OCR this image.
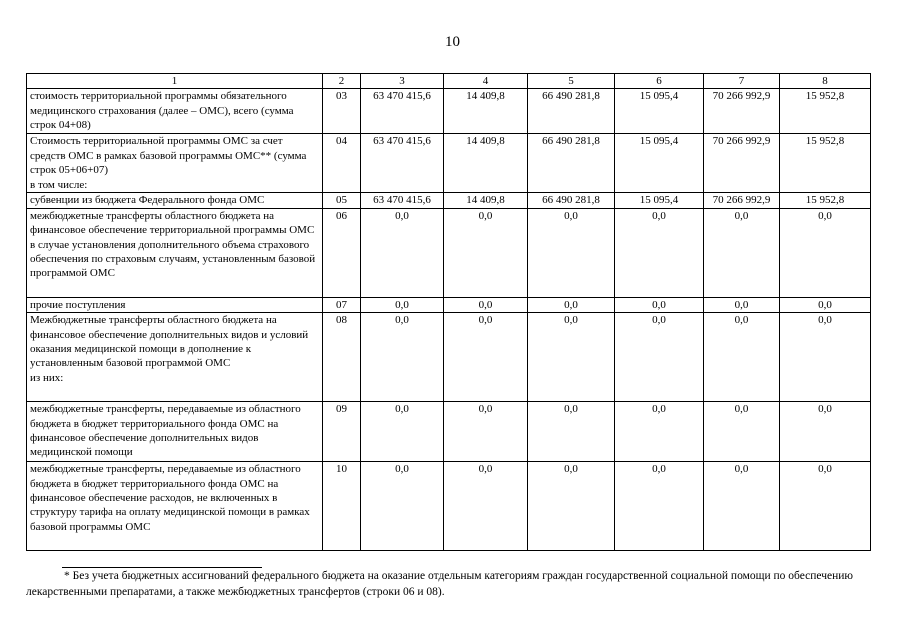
10
1	2	3	4	5	6	7	8
стоимость территориальной программы обязательного медицинского страхования (далее – ОМС), всего (сумма строк 04+08)	03	63 470 415,6	14 409,8	66 490 281,8	15 095,4	70 266 992,9	15 952,8

Стоимость территориальной программы ОМС за счет средств ОМС в рамках базовой программы ОМС** (сумма строк 05+06+07)
в том числе:	04	63 470 415,6	14 409,8	66 490 281,8	15 095,4	70 266 992,9	15 952,8
субвенции из бюджета Федерального фонда ОМС	05	63 470 415,6	14 409,8	66 490 281,8	15 095,4	70 266 992,9	15 952,8
межбюджетные трансферты областного бюджета на финансовое обеспечение территориальной программы ОМС в случае установления дополнительного объема страхового обеспечения по страховым случаям, установленным базовой программой ОМС	06	0,0	0,0	0,0	0,0	0,0	0,0
прочие поступления	07	0,0	0,0	0,0	0,0	0,0	0,0

Межбюджетные трансферты областного бюджета на финансовое обеспечение дополнительных видов и условий оказания медицинской помощи в дополнение к установленным базовой программой ОМС
из них:	08	0,0	0,0	0,0	0,0	0,0	0,0
межбюджетные трансферты, передаваемые из областного бюджета в бюджет территориального фонда ОМС на финансовое обеспечение дополнительных видов медицинской помощи	09	0,0	0,0	0,0	0,0	0,0	0,0
межбюджетные трансферты, передаваемые из областного бюджета в бюджет территориального фонда ОМС на финансовое обеспечение расходов, не включенных в структуру тарифа на оплату медицинской помощи в рамках базовой программы ОМС	10	0,0	0,0	0,0	0,0	0,0	0,0
* Без учета бюджетных ассигнований федерального бюджета на оказание отдельным категориям граждан государственной социальной помощи по обеспечению лекарственными препаратами, а также межбюджетных трансфертов (строки 06 и 08).
